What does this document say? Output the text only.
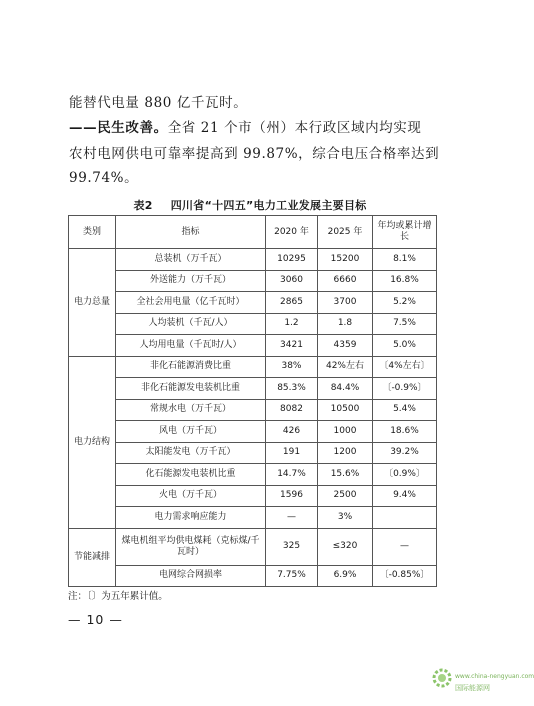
能替代电量 880 亿千瓦时。
——民生改善。全省 21 个市（州）本行政区域内均实现
农村电网供电可靠率提高到 99.87%，综合电压合格率达到
99.74%。
表2 四川省“十四五”电力工业发展主要目标
类别	指标	2020 年	2025 年	年均或累计增长
电力总量	总装机（万千瓦）	10295	15200	8.1%
	外送能力（万千瓦）	3060	6660	16.8%
	全社会用电量（亿千瓦时）	2865	3700	5.2%
	人均装机（千瓦/人）	1.2	1.8	7.5%
	人均用电量（千瓦时/人）	3421	4359	5.0%
电力结构	非化石能源消费比重	38%	42%左右	〔4%左右〕
	非化石能源发电装机比重	85.3%	84.4%	〔-0.9%〕
	常规水电（万千瓦）	8082	10500	5.4%
	风电（万千瓦）	426	1000	18.6%
	太阳能发电（万千瓦）	191	1200	39.2%
	化石能源发电装机比重	14.7%	15.6%	〔0.9%〕
	火电（万千瓦）	1596	2500	9.4%
	电力需求响应能力	—	3%	
节能减排	煤电机组平均供电煤耗（克标煤/千瓦时）	325	≤320	—
	电网综合网损率	7.75%	6.9%	〔-0.85%〕
注：〔〕为五年累计值。
— 10 —
www.china-nengyuan.com
国际能源网
